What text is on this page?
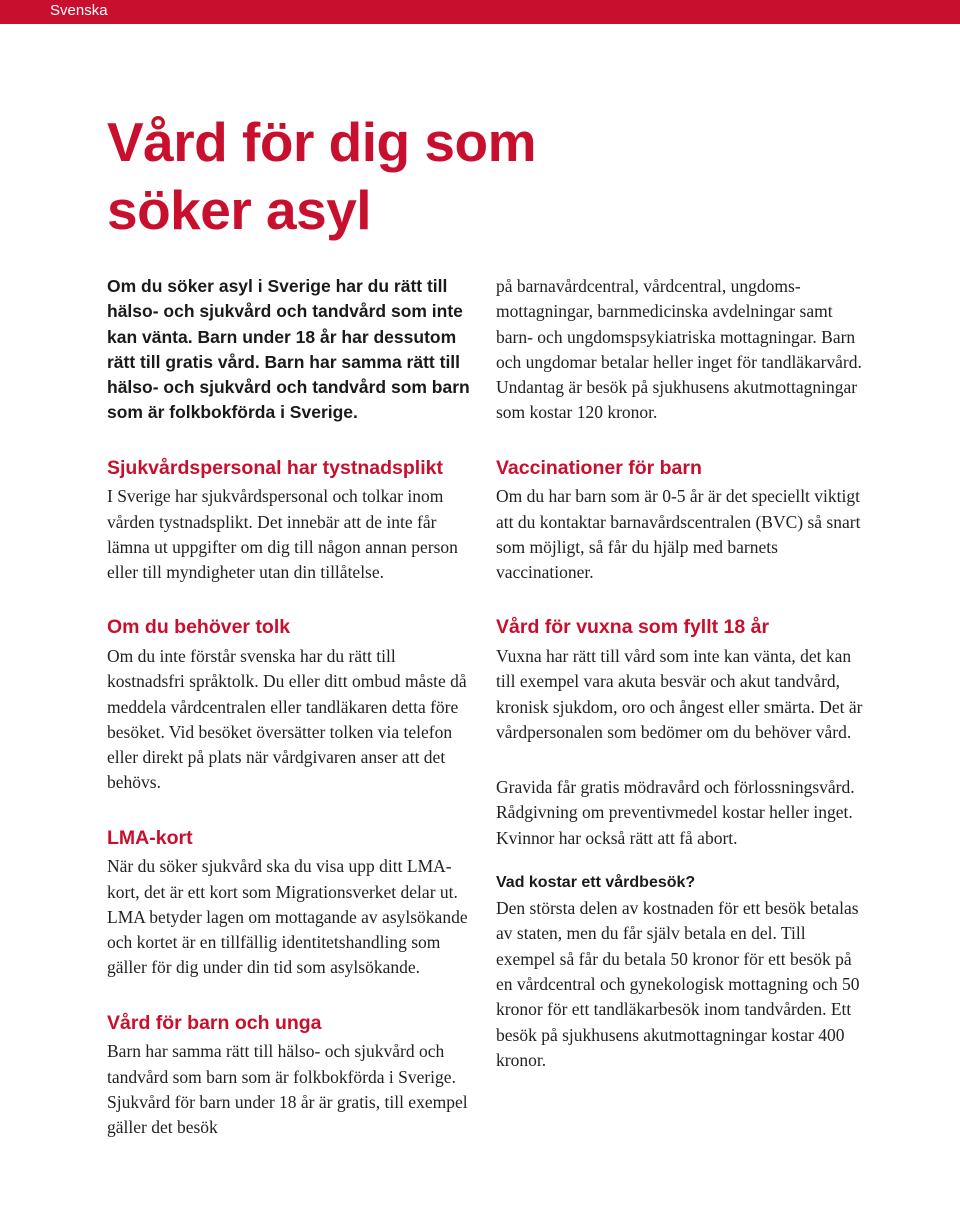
Svenska
Vård för dig som
söker asyl

Om du söker asyl i Sverige har du rätt till hälso- och sjukvård och tandvård som inte kan vänta. Barn under 18 år har dessutom rätt till gratis vård. Barn har samma rätt till hälso- och sjukvård och tandvård som barn som är folkbokförda i Sverige.

Sjukvårdspersonal har tystnadsplikt

I Sverige har sjukvårdspersonal och tolkar inom vården tystnadsplikt. Det innebär att de inte får lämna ut uppgifter om dig till någon annan person eller till myndigheter utan din tillåtelse.

Om du behöver tolk

Om du inte förstår svenska har du rätt till kostnadsfri språktolk. Du eller ditt ombud måste då meddela vårdcentralen eller tandläkaren detta före besöket. Vid besöket översätter tolken via telefon eller direkt på plats när vårdgivaren anser att det behövs.

LMA-kort

När du söker sjukvård ska du visa upp ditt LMA-kort, det är ett kort som Migrationsverket delar ut. LMA betyder lagen om mottagande av asylsökande och kortet är en tillfällig identitetshandling som gäller för dig under din tid som asylsökande.

Vård för barn och unga

Barn har samma rätt till hälso- och sjukvård och tandvård som barn som är folkbokförda i Sverige. Sjukvård för barn under 18 år är gratis, till exempel gäller det besök

på barnavårdcentral, vårdcentral, ungdomsmottagningar, barnmedicinska avdelningar samt barn- och ungdomspsykiatriska mottagningar. Barn och ungdomar betalar heller inget för tandläkarvård. Undantag är besök på sjukhusens akutmottagningar som kostar 120 kronor.

Vaccinationer för barn

Om du har barn som är 0-5 år är det speciellt viktigt att du kontaktar barnavårdscentralen (BVC) så snart som möjligt, så får du hjälp med barnets vaccinationer.

Vård för vuxna som fyllt 18 år

Vuxna har rätt till vård som inte kan vänta, det kan till exempel vara akuta besvär och akut tandvård, kronisk sjukdom, oro och ångest eller smärta. Det är vårdpersonalen som bedömer om du behöver vård.

Gravida får gratis mödravård och förlossningsvård. Rådgivning om preventivmedel kostar heller inget. Kvinnor har också rätt att få abort.

Vad kostar ett vårdbesök?

Den största delen av kostnaden för ett besök betalas av staten, men du får själv betala en del. Till exempel så får du betala 50 kronor för ett besök på en vårdcentral och gynekologisk mottagning och 50 kronor för ett tandläkarbesök inom tandvården. Ett besök på sjukhusens akutmottagningar kostar 400 kronor.
